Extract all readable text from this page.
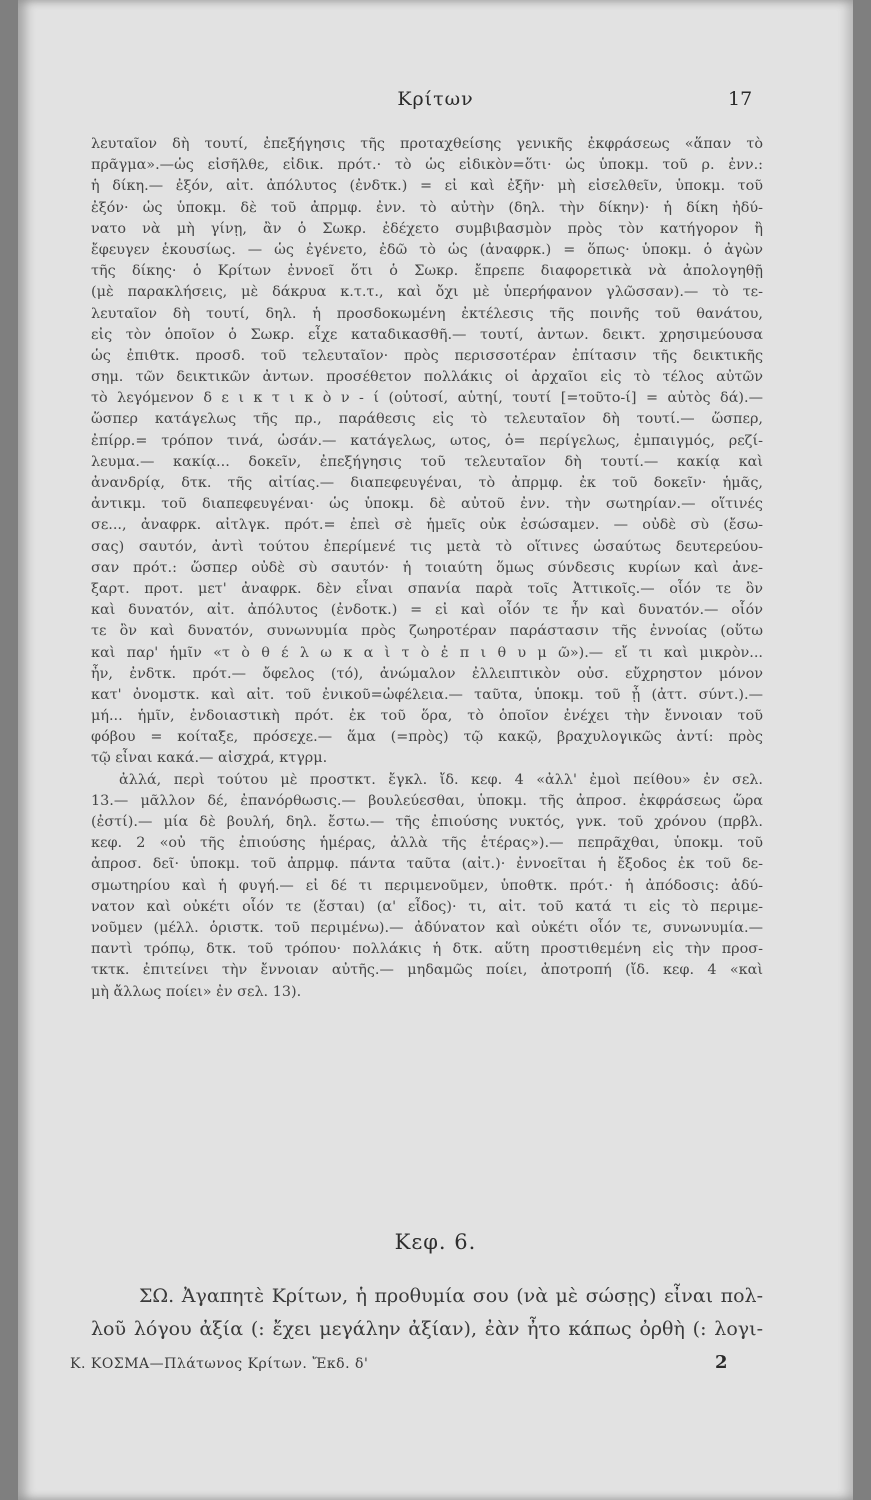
Κρίτων	17
λευταῖον δὴ τουτί, ἐπεξήγησις τῆς προταχθείσης γενικῆς ἐκφράσεως «ἅπαν τὸ
πρᾶγμα».—ὡς εἰσῆλθε, εἰδικ. πρότ.· τὸ ὡς εἰδικὸν=ὅτι· ὡς ὑποκμ. τοῦ ρ. ἐνν.:
ἡ δίκη.— ἐξόν, αἰτ. ἀπόλυτος (ἐνδτκ.) = εἰ καὶ ἐξῆν· μὴ εἰσελθεῖν, ὑποκμ. τοῦ
ἐξόν· ὡς ὑποκμ. δὲ τοῦ ἀπρμφ. ἐνν. τὸ αὐτὴν (δηλ. τὴν δίκην)· ἡ δίκη ἠδύ-
νατο νὰ μὴ γίνῃ, ἂν ὁ Σωκρ. ἐδέχετο συμβιβασμὸν πρὸς τὸν κατήγορον ἢ
ἔφευγεν ἑκουσίως. — ὡς ἐγένετο, ἐδῶ τὸ ὡς (ἀναφρκ.) = ὅπως· ὑποκμ. ὁ ἀγὼν
τῆς δίκης· ὁ Κρίτων ἐννοεῖ ὅτι ὁ Σωκρ. ἔπρεπε διαφορετικὰ νὰ ἀπολογηθῇ
(μὲ παρακλήσεις, μὲ δάκρυα κ.τ.τ., καὶ ὄχι μὲ ὑπερήφανον γλῶσσαν).— τὸ τε-
λευταῖον δὴ τουτί, δηλ. ἡ προσδοκωμένη ἐκτέλεσις τῆς ποινῆς τοῦ θανάτου,
εἰς τὸν ὁποῖον ὁ Σωκρ. εἶχε καταδικασθῆ.— τουτί, ἀντων. δεικτ. χρησιμεύουσα
ὡς ἐπιθτκ. προσδ. τοῦ τελευταῖον· πρὸς περισσοτέραν ἐπίτασιν τῆς δεικτικῆς
σημ. τῶν δεικτικῶν ἀντων. προσέθετον πολλάκις οἱ ἀρχαῖοι εἰς τὸ τέλος αὐτῶν
τὸ λεγόμενον δ ε ι κ τ ι κ ὸ ν - ί (οὑτοσί, αὑτηί, τουτί [=τοῦτο-ί] = αὐτὸς δά).—
ὥσπερ κατάγελως τῆς πρ., παράθεσις εἰς τὸ τελευταῖον δὴ τουτί.— ὥσπερ,
ἐπίρρ.= τρόπον τινά, ὡσάν.— κατάγελως, ωτος, ὁ= περίγελως, ἐμπαιγμός, ρεζί-
λευμα.— κακίᾳ... δοκεῖν, ἐπεξήγησις τοῦ τελευταῖον δὴ τουτί.— κακίᾳ καὶ
ἀνανδρίᾳ, δτκ. τῆς αἰτίας.— διαπεφευγέναι, τὸ ἀπρμφ. ἐκ τοῦ δοκεῖν· ἡμᾶς,
ἀντικμ. τοῦ διαπεφευγέναι· ὡς ὑποκμ. δὲ αὐτοῦ ἐνν. τὴν σωτηρίαν.— οἵτινές
σε..., ἀναφρκ. αἰτλγκ. πρότ.= ἐπεὶ σὲ ἡμεῖς οὐκ ἐσώσαμεν. — οὐδὲ σὺ (ἔσω-
σας) σαυτόν, ἀντὶ τούτου ἐπερίμενέ τις μετὰ τὸ οἵτινες ὡσαύτως δευτερεύου-
σαν πρότ.: ὥσπερ οὐδὲ σὺ σαυτόν· ἡ τοιαύτη ὅμως σύνδεσις κυρίων καὶ ἀνε-
ξαρτ. προτ. μετ' ἀναφρκ. δὲν εἶναι σπανία παρὰ τοῖς Ἀττικοῖς.— οἷόν τε ὂν
καὶ δυνατόν, αἰτ. ἀπόλυτος (ἐνδοτκ.) = εἰ καὶ οἷόν τε ἦν καὶ δυνατόν.— οἷόν
τε ὂν καὶ δυνατόν, συνωνυμία πρὸς ζωηροτέραν παράστασιν τῆς ἐννοίας (οὕτω
καὶ παρ' ἡμῖν «τ ὸ θ έ λ ω κ α ὶ τ ὸ ἐ π ι θ υ μ ῶ»).— εἴ τι καὶ μικρὸν...
ἦν, ἐνδτκ. πρότ.— ὄφελος (τό), ἀνώμαλον ἐλλειπτικὸν οὐσ. εὔχρηστον μόνον
κατ' ὀνομστκ. καὶ αἰτ. τοῦ ἐνικοῦ=ὠφέλεια.— ταῦτα, ὑποκμ. τοῦ ᾖ (ἀττ. σύντ.).—
μή... ἡμῖν, ἐνδοιαστικὴ πρότ. ἐκ τοῦ ὅρα, τὸ ὁποῖον ἐνέχει τὴν ἔννοιαν τοῦ
φόβου = κοίταξε, πρόσεχε.— ἅμα (=πρὸς) τῷ κακῷ, βραχυλογικῶς ἀντί: πρὸς
τῷ εἶναι κακά.— αἰσχρά, κτγρμ.
ἀλλά, περὶ τούτου μὲ προστκτ. ἔγκλ. ἴδ. κεφ. 4 «ἀλλ' ἐμοὶ πείθου» ἐν σελ.
13.— μᾶλλον δέ, ἐπανόρθωσις.— βουλεύεσθαι, ὑποκμ. τῆς ἀπροσ. ἐκφράσεως ὥρα
(ἐστί).— μία δὲ βουλή, δηλ. ἔστω.— τῆς ἐπιούσης νυκτός, γνκ. τοῦ χρόνου (πρβλ.
κεφ. 2 «οὐ τῆς ἐπιούσης ἡμέρας, ἀλλὰ τῆς ἑτέρας»).— πεπρᾶχθαι, ὑποκμ. τοῦ
ἀπροσ. δεῖ· ὑποκμ. τοῦ ἀπρμφ. πάντα ταῦτα (αἰτ.)· ἐννοεῖται ἡ ἔξοδος ἐκ τοῦ δε-
σμωτηρίου καὶ ἡ φυγή.— εἰ δέ τι περιμενοῦμεν, ὑποθτκ. πρότ.· ἡ ἀπόδοσις: ἀδύ-
νατον καὶ οὐκέτι οἷόν τε (ἔσται) (α' εἶδος)· τι, αἰτ. τοῦ κατά τι εἰς τὸ περιμε-
νοῦμεν (μέλλ. ὁριστκ. τοῦ περιμένω).— ἀδύνατον καὶ οὐκέτι οἷόν τε, συνωνυμία.—
παντὶ τρόπῳ, δτκ. τοῦ τρόπου· πολλάκις ἡ δτκ. αὕτη προστιθεμένη εἰς τὴν προσ-
τκτκ. ἐπιτείνει τὴν ἔννοιαν αὐτῆς.— μηδαμῶς ποίει, ἀποτροπή (ἴδ. κεφ. 4 «καὶ
μὴ ἄλλως ποίει» ἐν σελ. 13).
Κεφ. 6.
ΣΩ. Ἀγαπητὲ Κρίτων, ἡ προθυμία σου (νὰ μὲ σώσῃς) εἶναι πολ-
λοῦ λόγου ἀξία (: ἔχει μεγάλην ἀξίαν), ἐὰν ἦτο κάπως ὀρθὴ (: λογι-
Κ. ΚΟΣΜΑ—Πλάτωνος Κρίτων. Ἔκδ. δ'	2
